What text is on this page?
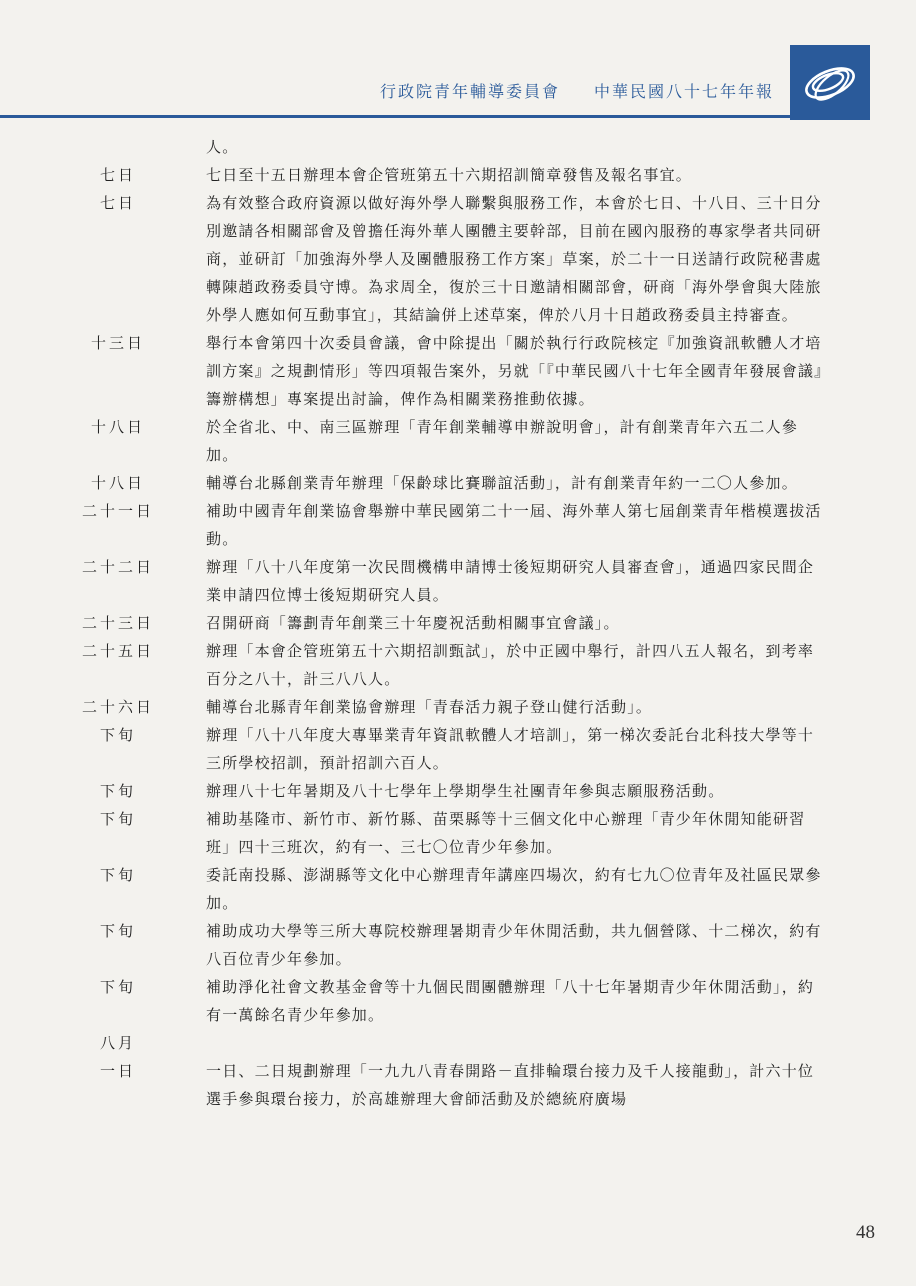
行政院青年輔導委員會 中華民國八十七年年報
人。
七日	七日至十五日辦理本會企管班第五十六期招訓簡章發售及報名事宜。
七日	為有效整合政府資源以做好海外學人聯繫與服務工作，本會於七日、十八日、三十日分別邀請各相關部會及曾擔任海外華人團體主要幹部，目前在國內服務的專家學者共同研商，並研訂「加強海外學人及團體服務工作方案」草案，於二十一日送請行政院秘書處轉陳趙政務委員守博。為求周全，復於三十日邀請相關部會，研商「海外學會與大陸旅外學人應如何互動事宜」，其結論併上述草案，俾於八月十日趙政務委員主持審查。
十三日	舉行本會第四十次委員會議，會中除提出「關於執行行政院核定『加強資訊軟體人才培訓方案』之規劃情形」等四項報告案外，另就「『中華民國八十七年全國青年發展會議』籌辦構想」專案提出討論，俾作為相關業務推動依據。
十八日	於全省北、中、南三區辦理「青年創業輔導申辦說明會」，計有創業青年六五二人參加。
十八日	輔導台北縣創業青年辦理「保齡球比賽聯誼活動」，計有創業青年約一二〇人參加。
二十一日	補助中國青年創業協會舉辦中華民國第二十一屆、海外華人第七屆創業青年楷模選拔活動。
二十二日	辦理「八十八年度第一次民間機構申請博士後短期研究人員審查會」，通過四家民間企業申請四位博士後短期研究人員。
二十三日	召開研商「籌劃青年創業三十年慶祝活動相關事宜會議」。
二十五日	辦理「本會企管班第五十六期招訓甄試」，於中正國中舉行，計四八五人報名，到考率百分之八十，計三八八人。
二十六日	輔導台北縣青年創業協會辦理「青春活力親子登山健行活動」。
下旬	辦理「八十八年度大專畢業青年資訊軟體人才培訓」，第一梯次委託台北科技大學等十三所學校招訓，預計招訓六百人。
下旬	辦理八十七年暑期及八十七學年上學期學生社團青年參與志願服務活動。
下旬	補助基隆市、新竹市、新竹縣、苗栗縣等十三個文化中心辦理「青少年休閒知能研習班」四十三班次，約有一、三七〇位青少年參加。
下旬	委託南投縣、澎湖縣等文化中心辦理青年講座四場次，約有七九〇位青年及社區民眾參加。
下旬	補助成功大學等三所大專院校辦理暑期青少年休閒活動，共九個營隊、十二梯次，約有八百位青少年參加。
下旬	補助淨化社會文教基金會等十九個民間團體辦理「八十七年暑期青少年休閒活動」，約有一萬餘名青少年參加。
八月
一日	一日、二日規劃辦理「一九九八青春開路－直排輪環台接力及千人接龍動」，計六十位選手參與環台接力，於高雄辦理大會師活動及於總統府廣場
48
